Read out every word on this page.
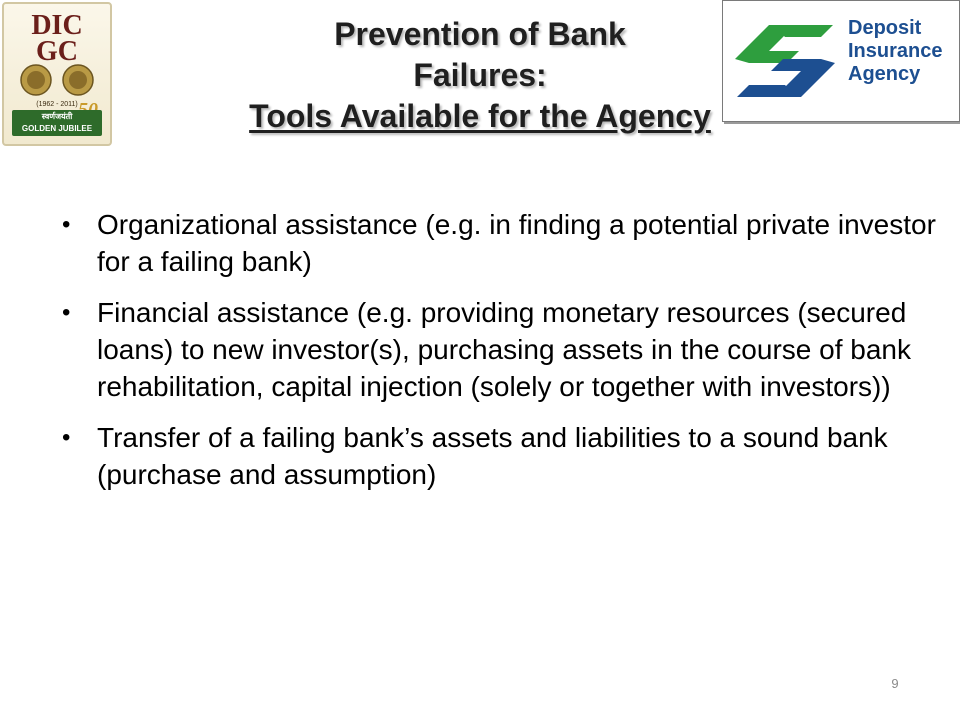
DIC
GC
(1962 - 2011)
स्वर्णजयंती
GOLDEN JUBILEE
Prevention of Bank
Failures:
Tools Available for the Agency
Deposit
Insurance
Agency
• Organizational assistance (e.g. in finding a potential private investor for a failing bank)
• Financial assistance (e.g. providing monetary resources (secured loans) to new investor(s), purchasing assets in the course of bank rehabilitation, capital injection (solely or together with investors))
• Transfer of a failing bank’s assets and liabilities to a sound bank (purchase and assumption)
9
